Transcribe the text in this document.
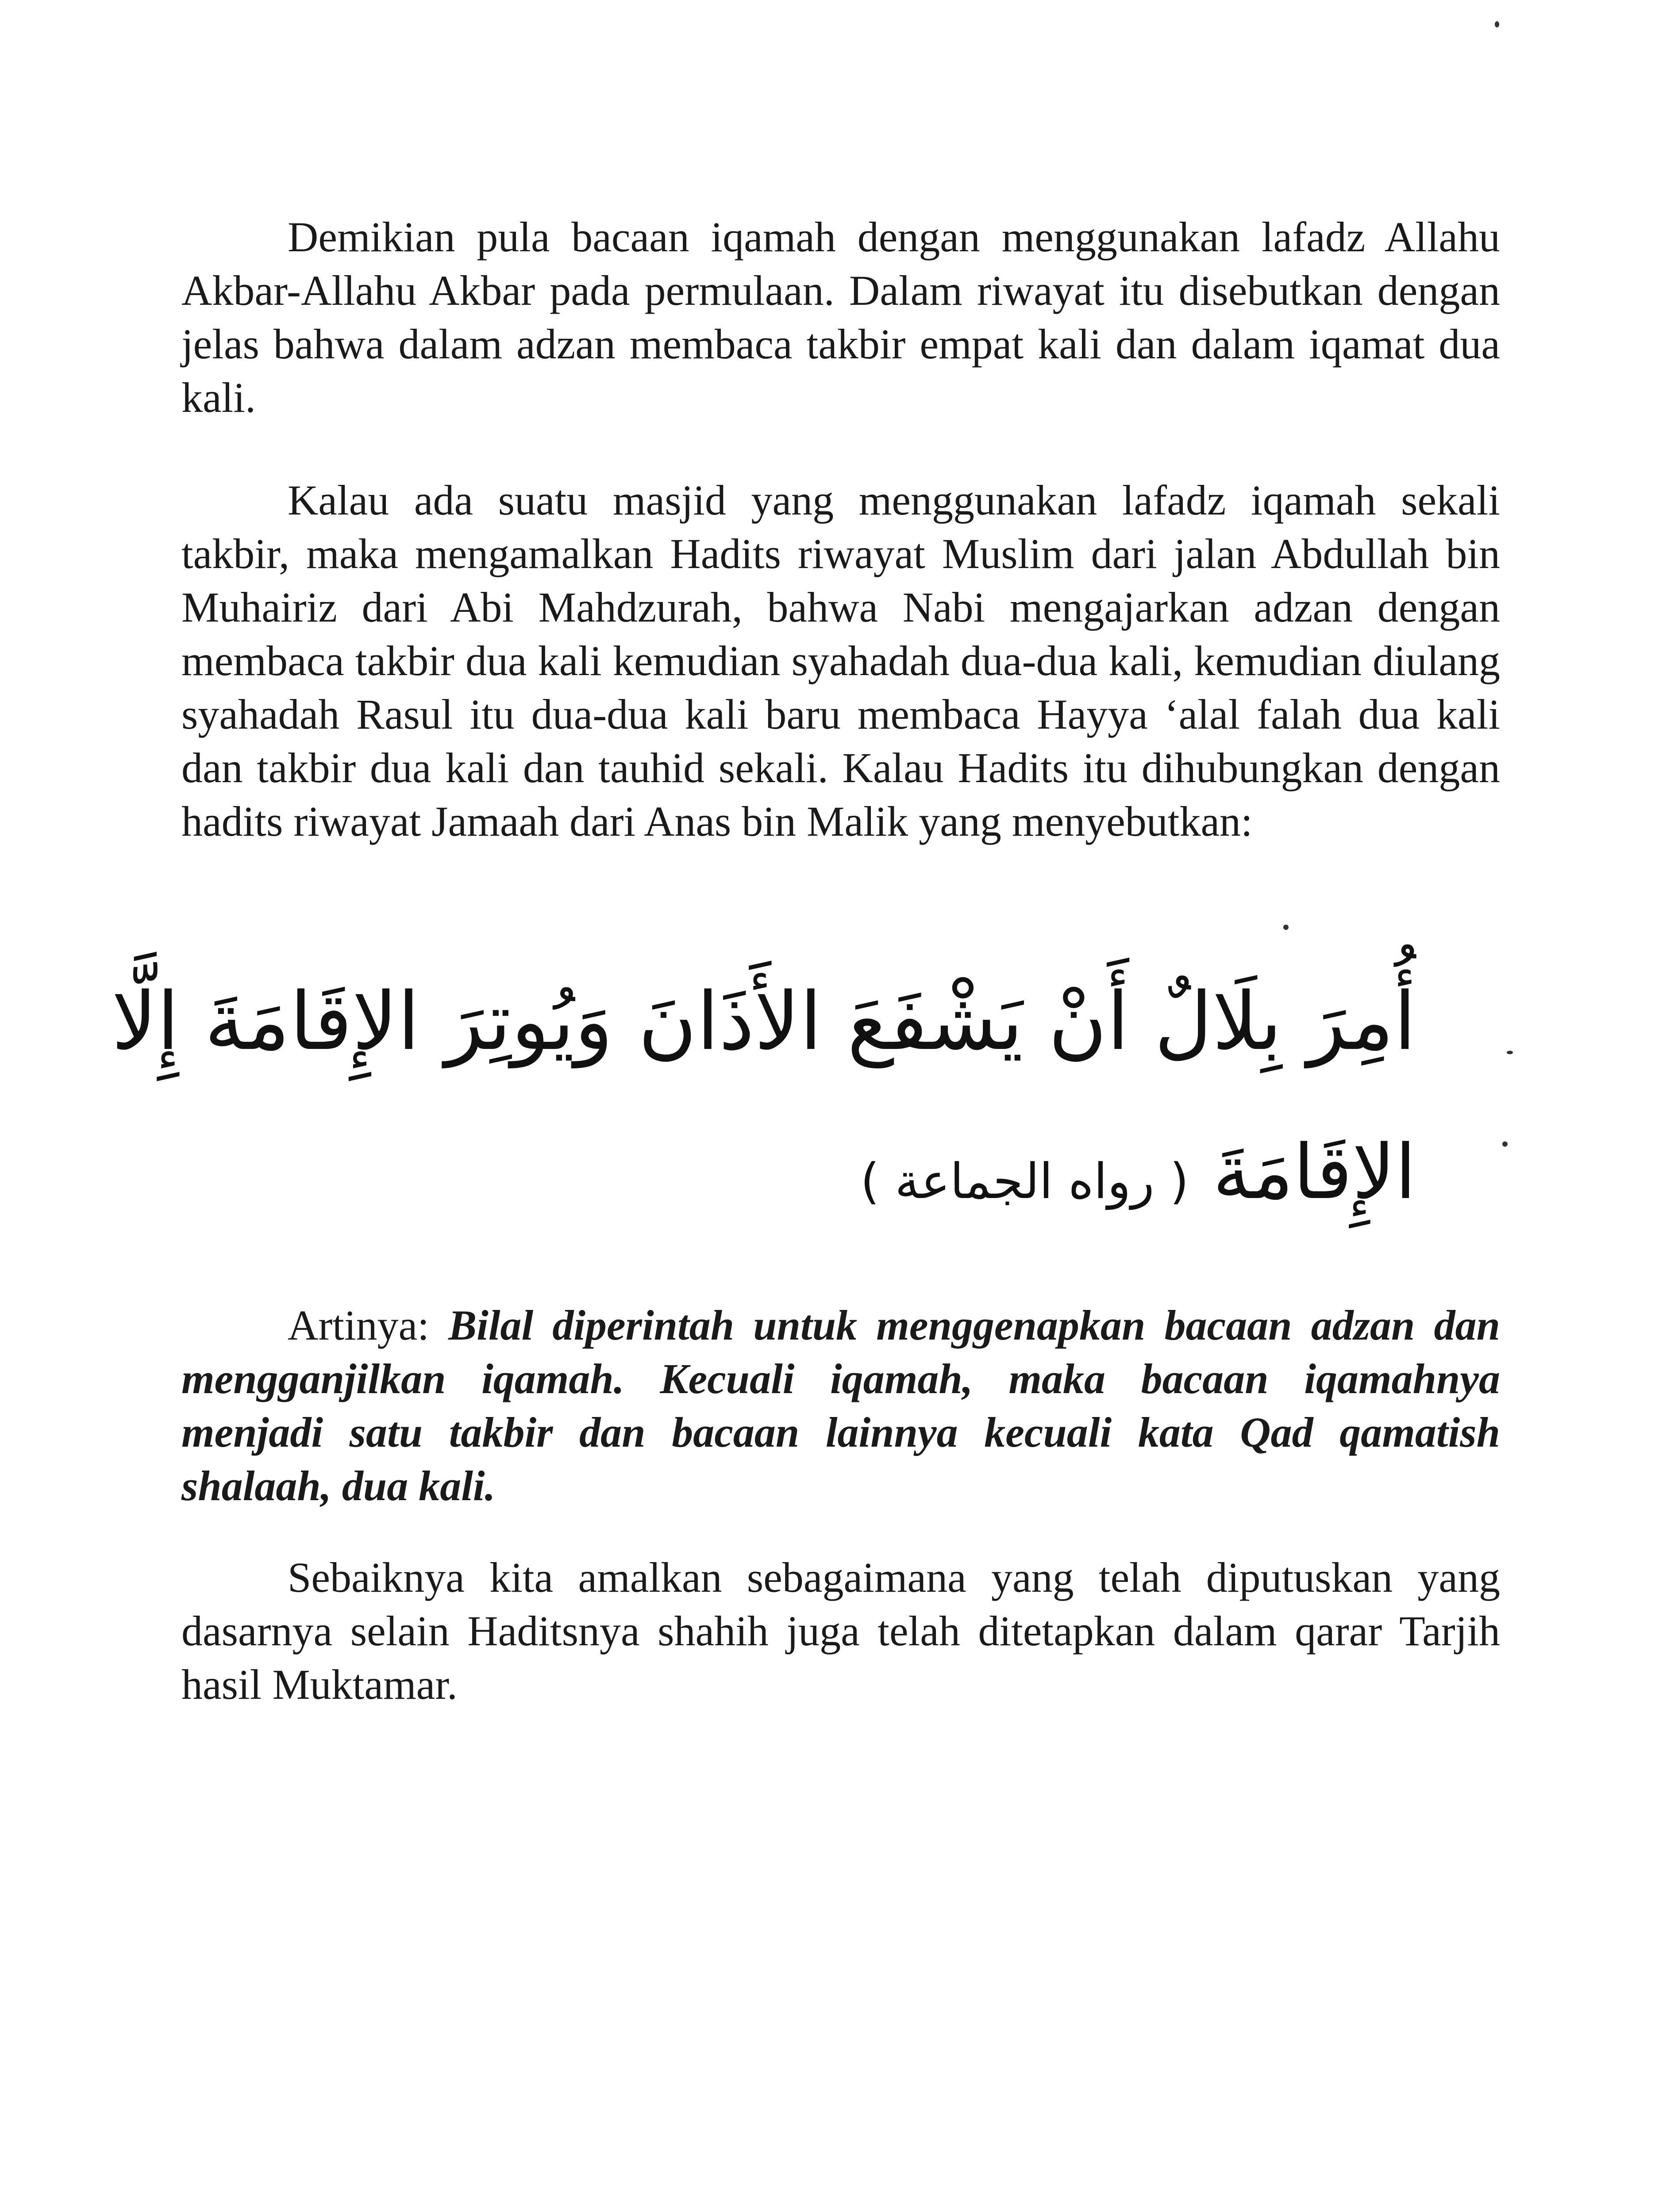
Demikian pula bacaan iqamah dengan menggunakan lafadz Allahu Akbar-Allahu Akbar pada permulaan. Dalam riwayat itu disebutkan dengan jelas bahwa dalam adzan membaca takbir empat kali dan dalam iqamat dua kali.

Kalau ada suatu masjid yang menggunakan lafadz iqamah sekali takbir, maka mengamalkan Hadits riwayat Muslim dari jalan Abdullah bin Muhairiz dari Abi Mahdzurah, bahwa Nabi mengajarkan adzan dengan membaca takbir dua kali kemudian syahadah dua-dua kali, kemudian diulang syahadah Rasul itu dua-dua kali baru membaca Hayya ‘alal falah dua kali dan takbir dua kali dan tauhid sekali. Kalau Hadits itu dihubungkan dengan hadits riwayat Jamaah dari Anas bin Malik yang menyebutkan:

أُمِرَ بِلَالٌ أَنْ يَشْفَعَ الأَذَانَ وَيُوتِرَ الإِقَامَةَ إِلَّا
الإِقَامَةَ ( رواه الجماعة )

Artinya: Bilal diperintah untuk menggenapkan bacaan adzan dan mengganjilkan iqamah. Kecuali iqamah, maka bacaan iqamahnya menjadi satu takbir dan bacaan lainnya kecuali kata Qad qamatish shalaah, dua kali.

Sebaiknya kita amalkan sebagaimana yang telah diputuskan yang dasarnya selain Haditsnya shahih juga telah ditetapkan dalam qarar Tarjih hasil Muktamar.
